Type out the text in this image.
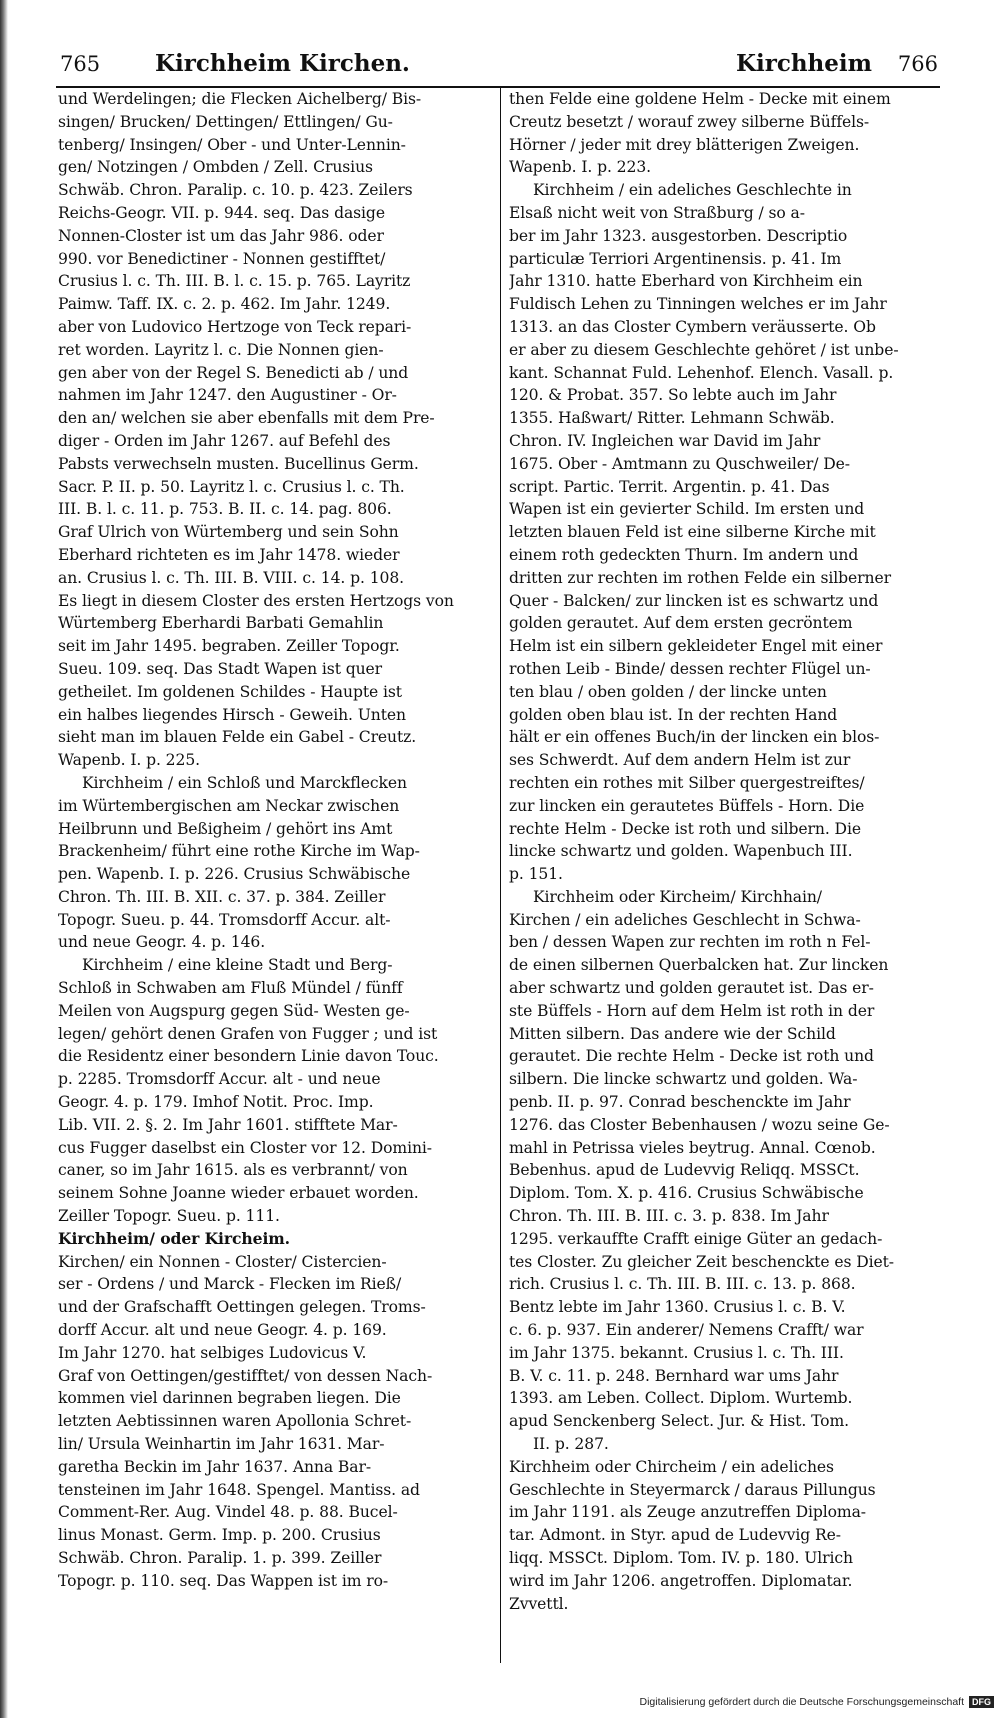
765 Kirchheim Kirchen.	Kirchheim 766
und Werdelingen; die Flecken Aichelberg/ Bis-
singen/ Brucken/ Dettingen/ Ettlingen/ Gu-
tenberg/ Insingen/ Ober - und Unter-Lennin-
gen/ Notzingen / Ombden / Zell. Crusius
Schwäb. Chron. Paralip. c. 10. p. 423. Zeilers
Reichs-Geogr. VII. p. 944. seq. Das dasige
Nonnen-Closter ist um das Jahr 986. oder
990. vor Benedictiner - Nonnen gestifftet/
Crusius l. c. Th. III. B. l. c. 15. p. 765. Layritz
Paimw. Taff. IX. c. 2. p. 462. Im Jahr. 1249.
aber von Ludovico Hertzoge von Teck repari-
ret worden. Layritz l. c. Die Nonnen gien-
gen aber von der Regel S. Benedicti ab / und
nahmen im Jahr 1247. den Augustiner - Or-
den an/ welchen sie aber ebenfalls mit dem Pre-
diger - Orden im Jahr 1267. auf Befehl des
Pabsts verwechseln musten. Bucellinus Germ.
Sacr. P. II. p. 50. Layritz l. c. Crusius l. c. Th.
III. B. l. c. 11. p. 753. B. II. c. 14. pag. 806.
Graf Ulrich von Würtemberg und sein Sohn
Eberhard richteten es im Jahr 1478. wieder
an. Crusius l. c. Th. III. B. VIII. c. 14. p. 108.
Es liegt in diesem Closter des ersten Hertzogs von
Würtemberg Eberhardi Barbati Gemahlin
seit im Jahr 1495. begraben. Zeiller Topogr.
Sueu. 109. seq. Das Stadt Wapen ist quer
getheilet. Im goldenen Schildes - Haupte ist
ein halbes liegendes Hirsch - Geweih. Unten
sieht man im blauen Felde ein Gabel - Creutz.
Wapenb. I. p. 225.
Kirchheim / ein Schloß und Marckflecken
im Würtembergischen am Neckar zwischen
Heilbrunn und Beßigheim / gehört ins Amt
Brackenheim/ führt eine rothe Kirche im Wap-
pen. Wapenb. I. p. 226. Crusius Schwäbische
Chron. Th. III. B. XII. c. 37. p. 384. Zeiller
Topogr. Sueu. p. 44. Tromsdorff Accur. alt-
und neue Geogr. 4. p. 146.
Kirchheim / eine kleine Stadt und Berg-
Schloß in Schwaben am Fluß Mündel / fünff
Meilen von Augspurg gegen Süd- Westen ge-
legen/ gehört denen Grafen von Fugger ; und ist
die Residentz einer besondern Linie davon Touc.
p. 2285. Tromsdorff Accur. alt - und neue
Geogr. 4. p. 179. Imhof Notit. Proc. Imp.
Lib. VII. 2. §. 2. Im Jahr 1601. stifftete Mar-
cus Fugger daselbst ein Closter vor 12. Domini-
caner, so im Jahr 1615. als es verbrannt/ von
seinem Sohne Joanne wieder erbauet worden.
Zeiller Topogr. Sueu. p. 111.
Kirchheim/ oder Kircheim.
Kirchen/ ein Nonnen - Closter/ Cistercien-
ser - Ordens / und Marck - Flecken im Rieß/
und der Grafschafft Oettingen gelegen. Troms-
dorff Accur. alt und neue Geogr. 4. p. 169.
Im Jahr 1270. hat selbiges Ludovicus V.
Graf von Oettingen/gestifftet/ von dessen Nach-
kommen viel darinnen begraben liegen. Die
letzten Aebtissinnen waren Apollonia Schret-
lin/ Ursula Weinhartin im Jahr 1631. Mar-
garetha Beckin im Jahr 1637. Anna Bar-
tensteinen im Jahr 1648. Spengel. Mantiss. ad
Comment-Rer. Aug. Vindel 48. p. 88. Bucel-
linus Monast. Germ. Imp. p. 200. Crusius
Schwäb. Chron. Paralip. 1. p. 399. Zeiller
Topogr. p. 110. seq. Das Wappen ist im ro-
then Felde eine goldene Helm - Decke mit einem
Creutz besetzt / worauf zwey silberne Büffels-
Hörner / jeder mit drey blätterigen Zweigen.
Wapenb. I. p. 223.
Kirchheim / ein adeliches Geschlechte in
Elsaß nicht weit von Straßburg / so a-
ber im Jahr 1323. ausgestorben. Descriptio
particulæ Terriori Argentinensis. p. 41. Im
Jahr 1310. hatte Eberhard von Kirchheim ein
Fuldisch Lehen zu Tinningen welches er im Jahr
1313. an das Closter Cymbern veräusserte. Ob
er aber zu diesem Geschlechte gehöret / ist unbe-
kant. Schannat Fuld. Lehenhof. Elench. Vasall. p.
120. & Probat. 357. So lebte auch im Jahr
1355. Haßwart/ Ritter. Lehmann Schwäb.
Chron. IV. Ingleichen war David im Jahr
1675. Ober - Amtmann zu Quschweiler/ De-
script. Partic. Territ. Argentin. p. 41. Das
Wapen ist ein gevierter Schild. Im ersten und
letzten blauen Feld ist eine silberne Kirche mit
einem roth gedeckten Thurn. Im andern und
dritten zur rechten im rothen Felde ein silberner
Quer - Balcken/ zur lincken ist es schwartz und
golden gerautet. Auf dem ersten gecröntem
Helm ist ein silbern gekleideter Engel mit einer
rothen Leib - Binde/ dessen rechter Flügel un-
ten blau / oben golden / der lincke unten
golden oben blau ist. In der rechten Hand
hält er ein offenes Buch/in der lincken ein blos-
ses Schwerdt. Auf dem andern Helm ist zur
rechten ein rothes mit Silber quergestreiftes/
zur lincken ein gerautetes Büffels - Horn. Die
rechte Helm - Decke ist roth und silbern. Die
lincke schwartz und golden. Wapenbuch III.
p. 151.
Kirchheim oder Kircheim/ Kirchhain/
Kirchen / ein adeliches Geschlecht in Schwa-
ben / dessen Wapen zur rechten im roth n Fel-
de einen silbernen Querbalcken hat. Zur lincken
aber schwartz und golden gerautet ist. Das er-
ste Büffels - Horn auf dem Helm ist roth in der
Mitten silbern. Das andere wie der Schild
gerautet. Die rechte Helm - Decke ist roth und
silbern. Die lincke schwartz und golden. Wa-
penb. II. p. 97. Conrad beschenckte im Jahr
1276. das Closter Bebenhausen / wozu seine Ge-
mahl in Petrissa vieles beytrug. Annal. Cœnob.
Bebenhus. apud de Ludevvig Reliqq. MSSCt.
Diplom. Tom. X. p. 416. Crusius Schwäbische
Chron. Th. III. B. III. c. 3. p. 838. Im Jahr
1295. verkauffte Crafft einige Güter an gedach-
tes Closter. Zu gleicher Zeit beschenckte es Diet-
rich. Crusius l. c. Th. III. B. III. c. 13. p. 868.
Bentz lebte im Jahr 1360. Crusius l. c. B. V.
c. 6. p. 937. Ein anderer/ Nemens Crafft/ war
im Jahr 1375. bekannt. Crusius l. c. Th. III.
B. V. c. 11. p. 248. Bernhard war ums Jahr
1393. am Leben. Collect. Diplom. Wurtemb.
apud Senckenberg Select. Jur. & Hist. Tom.
II. p. 287.
Kirchheim oder Chircheim / ein adeliches
Geschlechte in Steyermarck / daraus Pillungus
im Jahr 1191. als Zeuge anzutreffen Diploma-
tar. Admont. in Styr. apud de Ludevvig Re-
liqq. MSSCt. Diplom. Tom. IV. p. 180. Ulrich
wird im Jahr 1206. angetroffen. Diplomatar.
Zvvettl.
Digitalisierung gefördert durch die Deutsche Forschungsgemeinschaft DFG
